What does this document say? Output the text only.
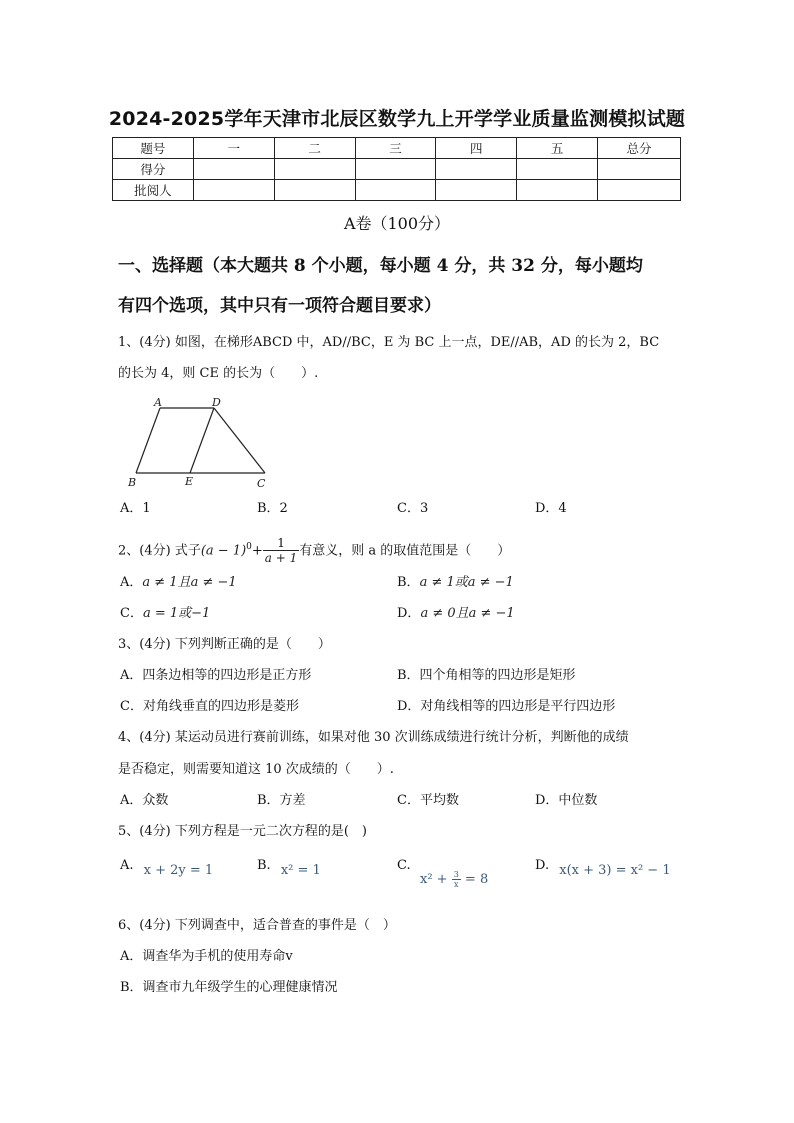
2024-2025学年天津市北辰区数学九上开学学业质量监测模拟试题
题号	一	二	三	四	五	总分
得分						
批阅人						
A卷（100分）
一、选择题（本大题共 8 个小题，每小题 4 分，共 32 分，每小题均
有四个选项，其中只有一项符合题目要求）
1、(4分) 如图，在梯形ABCD 中，AD//BC，E 为 BC 上一点，DE//AB，AD 的长为 2，BC
的长为 4，则 CE 的长为（　　）.
A	D
B	E	C
A．1	B．2	C．3	D．4
2、(4分) 式子$(a - 1)^0+ \frac{1}{a + 1}$ 有意义，则 a 的取值范围是（　　）
A．a ≠ 1且a ≠ −1	B．a ≠ 1或a ≠ −1
C．a = 1或−1	D．a ≠ 0且a ≠ −1
3、(4分) 下列判断正确的是（　　）
A．四条边相等的四边形是正方形	B．四个角相等的四边形是矩形
C．对角线垂直的四边形是菱形	D．对角线相等的四边形是平行四边形
4、(4分) 某运动员进行赛前训练，如果对他 30 次训练成绩进行统计分析，判断他的成绩
是否稳定，则需要知道这 10 次成绩的（　　）.
A．众数	B．方差	C．平均数	D．中位数
5、(4分) 下列方程是一元二次方程的是(　)
A. x + 2y = 1	B. x² = 1	C.
$x^2 + \frac{3}{x} = 8$
D. x(x + 3) = x² − 1
6、(4分) 下列调查中，适合普查的事件是（　）
A．调查华为手机的使用寿命v
B．调查市九年级学生的心理健康情况
